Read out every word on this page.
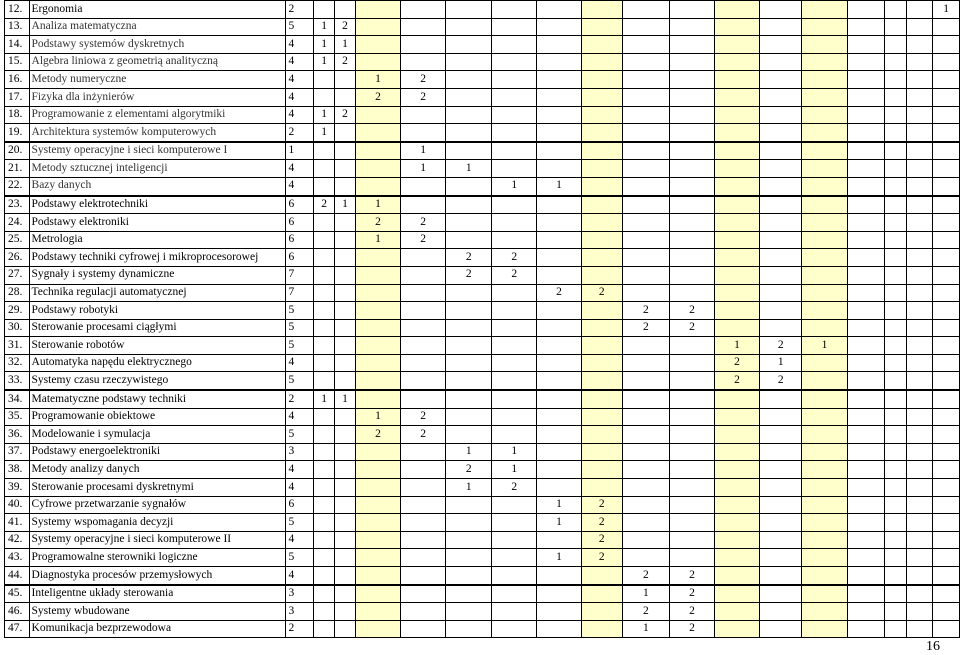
12.	Ergonomia	2																	1
13.	Analiza matematyczna	5	1	2															
14.	Podstawy systemów dyskretnych	4	1	1															
15.	Algebra liniowa z geometrią analityczną	4	1	2															
16.	Metody numeryczne	4			1	2													
17.	Fizyka dla inżynierów	4			2	2													
18.	Programowanie z elementami algorytmiki	4	1	2															
19.	Architektura systemów komputerowych	2	1																
20.	Systemy operacyjne i sieci komputerowe I	1				1													
21.	Metody sztucznej inteligencji	4				1	1												
22.	Bazy danych	4						1	1										
23.	Podstawy elektrotechniki	6	2	1	1														
24.	Podstawy elektroniki	6			2	2													
25.	Metrologia	6			1	2													
26.	Podstawy techniki cyfrowej i mikroprocesorowej	6					2	2											
27.	Sygnały i systemy dynamiczne	7					2	2											
28.	Technika regulacji automatycznej	7							2	2									
29.	Podstawy robotyki	5									2	2							
30.	Sterowanie procesami ciągłymi	5									2	2							
31.	Sterowanie robotów	5											1	2	1				
32.	Automatyka napędu elektrycznego	4											2	1					
33.	Systemy czasu rzeczywistego	5											2	2					
34.	Matematyczne podstawy techniki	2	1	1															
35.	Programowanie obiektowe	4			1	2													
36.	Modelowanie i symulacja	5			2	2													
37.	Podstawy energoelektroniki	3					1	1											
38.	Metody analizy danych	4					2	1											
39.	Sterowanie procesami dyskretnymi	4					1	2											
40.	Cyfrowe przetwarzanie sygnałów	6							1	2									
41.	Systemy wspomagania decyzji	5							1	2									
42.	Systemy operacyjne i sieci komputerowe II	4								2									
43.	Programowalne sterowniki logiczne	5							1	2									
44.	Diagnostyka procesów przemysłowych	4									2	2							
45.	Inteligentne układy sterowania	3									1	2							
46.	Systemy wbudowane	3									2	2							
47.	Komunikacja bezprzewodowa	2									1	2							
16
